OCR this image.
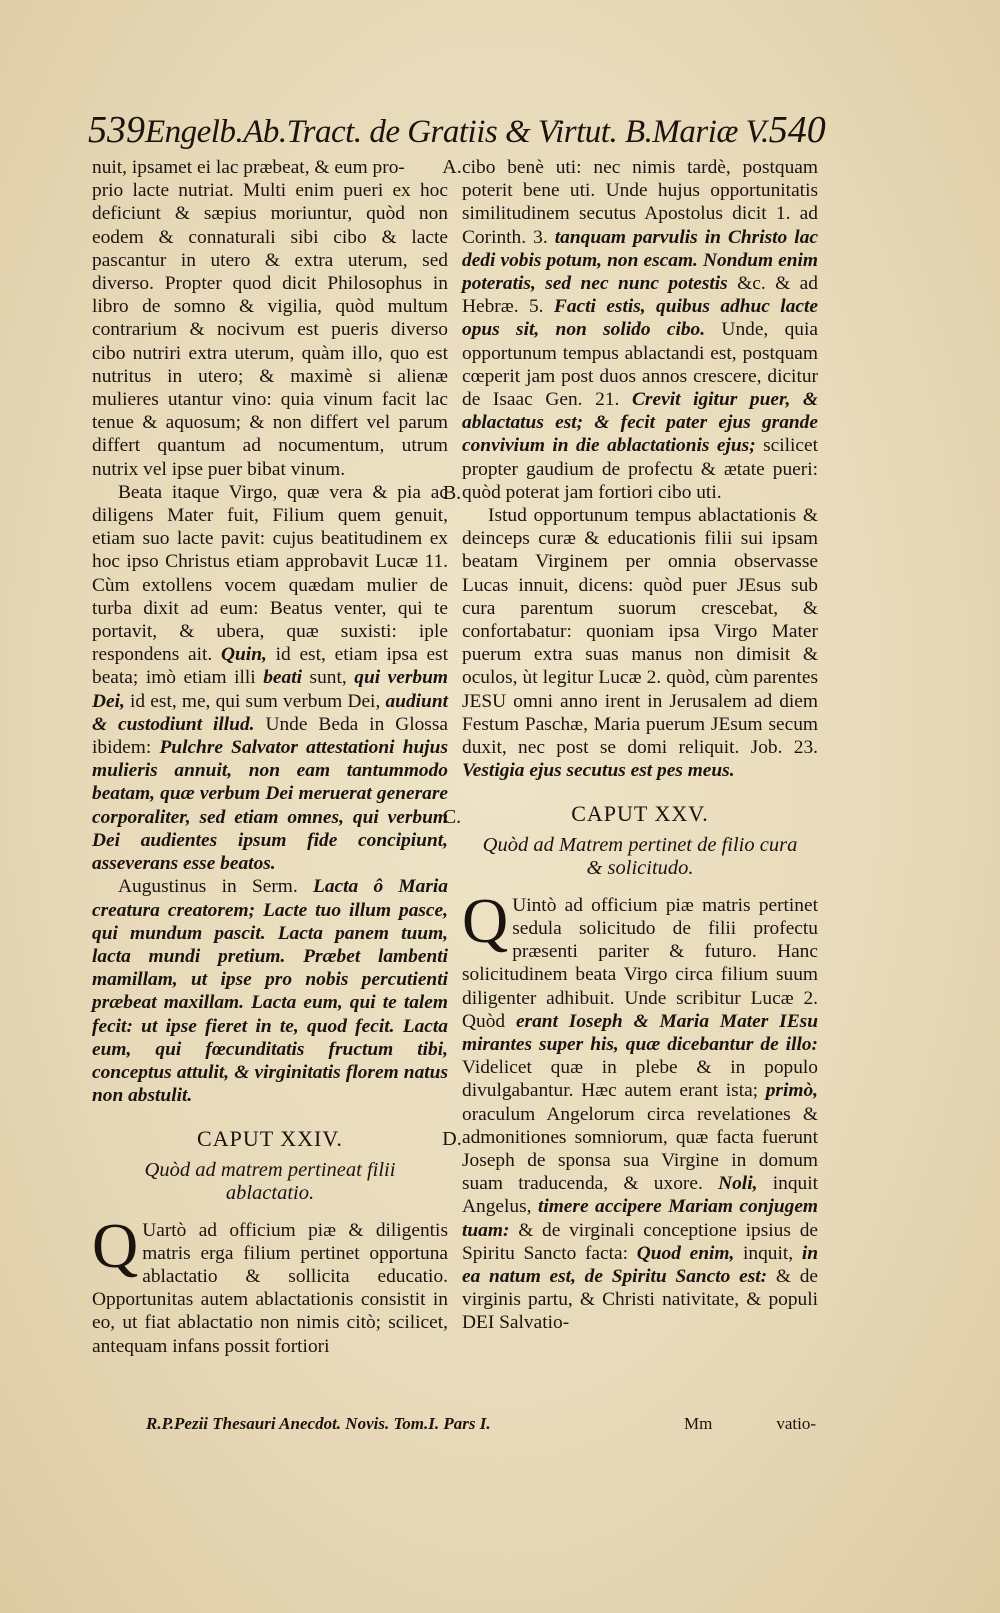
539 Engelb.Ab.Tract. de Gratiis & Virtut. B.Mariæ V. 540
A.
B.
C.
D.

nuit, ipsamet ei lac præbeat, & eum pro-

prio lacte nutriat. Multi enim pueri ex hoc deficiunt & sæpius moriuntur, quòd non eodem & connaturali sibi cibo & lacte pascantur in utero & extra uterum, sed diverso. Propter quod dicit Philosophus in libro de somno & vigilia, quòd multum contrarium & nocivum est pueris diverso cibo nutriri extra uterum, quàm illo, quo est nutritus in utero; & maximè si alienæ mulieres utantur vino: quia vinum facit lac tenue & aquosum; & non differt vel parum differt quantum ad nocumentum, utrum nutrix vel ipse puer bibat vinum.

Beata itaque Virgo, quæ vera & pia ac diligens Mater fuit, Filium quem genuit, etiam suo lacte pavit: cujus beatitudinem ex hoc ipso Christus etiam approbavit Lucæ 11. Cùm extollens vocem quædam mulier de turba dixit ad eum: Beatus venter, qui te portavit, & ubera, quæ suxisti: iple respondens ait. Quin, id est, etiam ipsa est beata; imò etiam illi beati sunt, qui verbum Dei, id est, me, qui sum verbum Dei, audiunt & custodiunt illud. Unde Beda in Glossa ibidem: Pulchre Salvator attestationi hujus mulieris annuit, non eam tantummodo beatam, quæ verbum Dei meruerat generare corporaliter, sed etiam omnes, qui verbum Dei audientes ipsum fide concipiunt, asseverans esse beatos.

Augustinus in Serm. Lacta ô Maria creatura creatorem; Lacte tuo illum pasce, qui mundum pascit. Lacta panem tuum, lacta mundi pretium. Præbet lambenti mamillam, ut ipse pro nobis percutienti præbeat maxillam. Lacta eum, qui te talem fecit: ut ipse fieret in te, quod fecit. Lacta eum, qui fœcunditatis fructum tibi, conceptus attulit, & virginitatis florem natus non abstulit.

CAPUT XXIV.
Quòd ad matrem pertineat filii
ablactatio.

Q Uartò ad officium piæ & diligentis matris erga filium pertinet opportuna ablactatio & sollicita educatio. Opportunitas autem ablactationis consistit in eo, ut fiat ablactatio non nimis citò; scilicet, antequam infans possit fortiori

cibo benè uti: nec nimis tardè, postquam poterit bene uti. Unde hujus opportunitatis similitudinem secutus Apostolus dicit 1. ad Corinth. 3. tanquam parvulis in Christo lac dedi vobis potum, non escam. Nondum enim poteratis, sed nec nunc potestis &c. & ad Hebræ. 5. Facti estis, quibus adhuc lacte opus sit, non solido cibo. Unde, quia opportunum tempus ablactandi est, postquam cœperit jam post duos annos crescere, dicitur de Isaac Gen. 21. Crevit igitur puer, & ablactatus est; & fecit pater ejus grande convivium in die ablactationis ejus; scilicet propter gaudium de profectu & ætate pueri: quòd poterat jam fortiori cibo uti.

Istud opportunum tempus ablactationis & deinceps curæ & educationis filii sui ipsam beatam Virginem per omnia observasse Lucas innuit, dicens: quòd puer JEsus sub cura parentum suorum crescebat, & confortabatur: quoniam ipsa Virgo Mater puerum extra suas manus non dimisit & oculos, ùt legitur Lucæ 2. quòd, cùm parentes JESU omni anno irent in Jerusalem ad diem Festum Paschæ, Maria puerum JEsum secum duxit, nec post se domi reliquit. Job. 23. Vestigia ejus secutus est pes meus.

CAPUT XXV.
Quòd ad Matrem pertinet de filio cura
& solicitudo.

Q Uintò ad officium piæ matris pertinet sedula solicitudo de filii profectu præsenti pariter & futuro. Hanc solicitudinem beata Virgo circa filium suum diligenter adhibuit. Unde scribitur Lucæ 2. Quòd erant Ioseph & Maria Mater IEsu mirantes super his, quæ dicebantur de illo: Videlicet quæ in plebe & in populo divulgabantur. Hæc autem erant ista; primò, oraculum Angelorum circa revelationes & admonitiones somniorum, quæ facta fuerunt Joseph de sponsa sua Virgine in domum suam traducenda, & uxore. Noli, inquit Angelus, timere accipere Mariam conjugem tuam: & de virginali conceptione ipsius de Spiritu Sancto facta: Quod enim, inquit, in ea natum est, de Spiritu Sancto est: & de virginis partu, & Christi nativitate, & populi DEI Salvatio-

R.P.Pezii Thesauri Anecdot. Novis. Tom.I. Pars I.	Mm	vatio-
